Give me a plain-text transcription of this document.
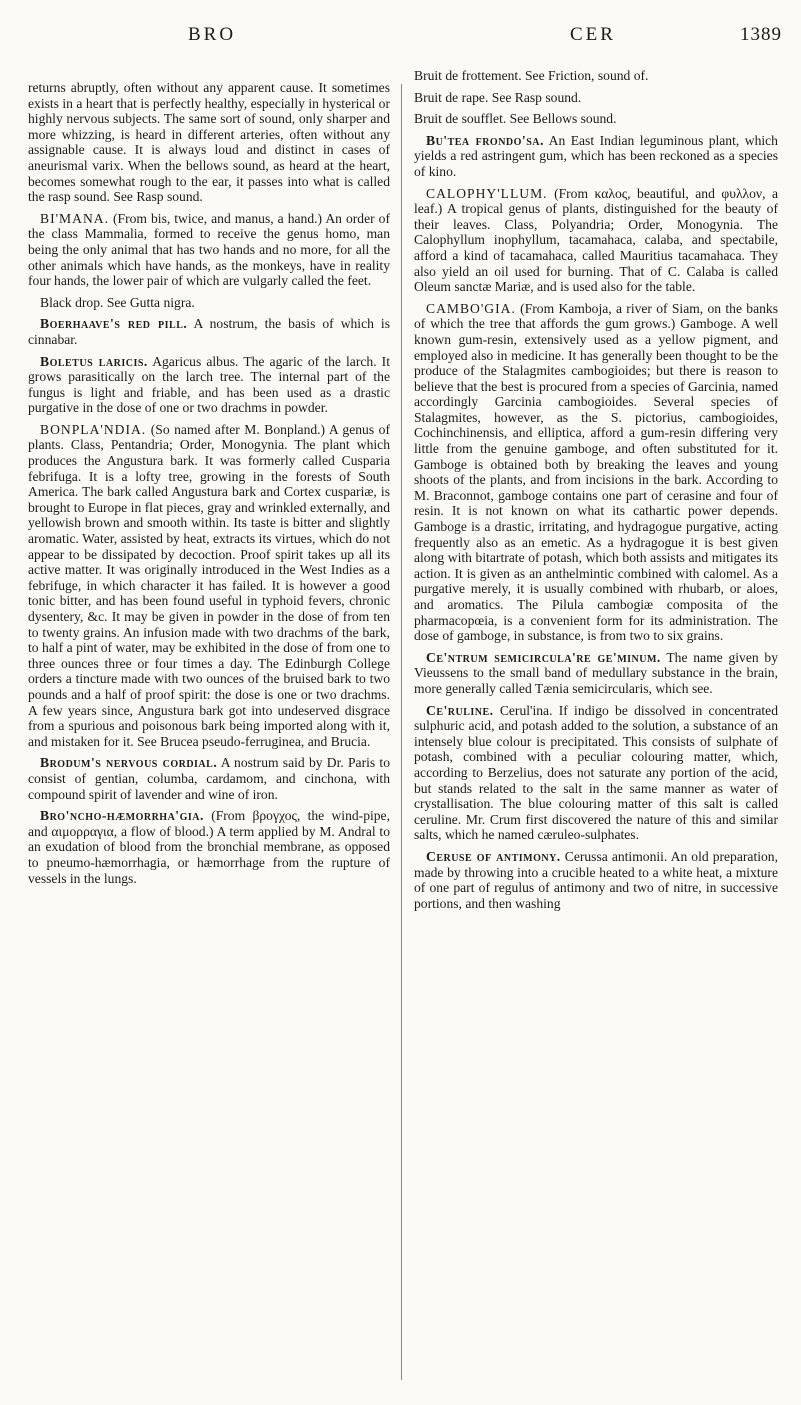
BRO	CER	1389

returns abruptly, often without any apparent cause. It sometimes exists in a heart that is perfectly healthy, especially in hysterical or highly nervous subjects. The same sort of sound, only sharper and more whizzing, is heard in different arteries, often without any assignable cause. It is always loud and distinct in cases of aneurismal varix. When the bellows sound, as heard at the heart, becomes somewhat rough to the ear, it passes into what is called the rasp sound. See Rasp sound.

BI'MANA. (From bis, twice, and manus, a hand.) An order of the class Mammalia, formed to receive the genus homo, man being the only animal that has two hands and no more, for all the other animals which have hands, as the monkeys, have in reality four hands, the lower pair of which are vulgarly called the feet.

Black drop. See Gutta nigra.

Boerhaave's red pill. A nostrum, the basis of which is cinnabar.

Boletus laricis. Agaricus albus. The agaric of the larch. It grows parasitically on the larch tree. The internal part of the fungus is light and friable, and has been used as a drastic purgative in the dose of one or two drachms in powder.

BONPLA'NDIA. (So named after M. Bonpland.) A genus of plants. Class, Pentandria; Order, Monogynia. The plant which produces the Angustura bark. It was formerly called Cusparia febrifuga. It is a lofty tree, growing in the forests of South America. The bark called Angustura bark and Cortex cuspariæ, is brought to Europe in flat pieces, gray and wrinkled externally, and yellowish brown and smooth within. Its taste is bitter and slightly aromatic. Water, assisted by heat, extracts its virtues, which do not appear to be dissipated by decoction. Proof spirit takes up all its active matter. It was originally introduced in the West Indies as a febrifuge, in which character it has failed. It is however a good tonic bitter, and has been found useful in typhoid fevers, chronic dysentery, &c. It may be given in powder in the dose of from ten to twenty grains. An infusion made with two drachms of the bark, to half a pint of water, may be exhibited in the dose of from one to three ounces three or four times a day. The Edinburgh College orders a tincture made with two ounces of the bruised bark to two pounds and a half of proof spirit: the dose is one or two drachms. A few years since, Angustura bark got into undeserved disgrace from a spurious and poisonous bark being imported along with it, and mistaken for it. See Brucea pseudo-ferruginea, and Brucia.

Brodum's nervous cordial. A nostrum said by Dr. Paris to consist of gentian, columba, cardamom, and cinchona, with compound spirit of lavender and wine of iron.

Bro'ncho-hæmorrha'gia. (From βρογχος, the wind-pipe, and αιμορραγια, a flow of blood.) A term applied by M. Andral to an exudation of blood from the bronchial membrane, as opposed to pneumo-hæmorrhagia, or hæmorrhage from the rupture of vessels in the lungs.

Bruit de frottement. See Friction, sound of.

Bruit de rape. See Rasp sound.

Bruit de soufflet. See Bellows sound.

Bu'tea frondo'sa. An East Indian leguminous plant, which yields a red astringent gum, which has been reckoned as a species of kino.

CALOPHY'LLUM. (From καλος, beautiful, and φυλλον, a leaf.) A tropical genus of plants, distinguished for the beauty of their leaves. Class, Polyandria; Order, Monogynia. The Calophyllum inophyllum, tacamahaca, calaba, and spectabile, afford a kind of tacamahaca, called Mauritius tacamahaca. They also yield an oil used for burning. That of C. Calaba is called Oleum sanctæ Mariæ, and is used also for the table.

CAMBO'GIA. (From Kamboja, a river of Siam, on the banks of which the tree that affords the gum grows.) Gamboge. A well known gum-resin, extensively used as a yellow pigment, and employed also in medicine. It has generally been thought to be the produce of the Stalagmites cambogioides; but there is reason to believe that the best is procured from a species of Garcinia, named accordingly Garcinia cambogioides. Several species of Stalagmites, however, as the S. pictorius, cambogioides, Cochinchinensis, and elliptica, afford a gum-resin differing very little from the genuine gamboge, and often substituted for it. Gamboge is obtained both by breaking the leaves and young shoots of the plants, and from incisions in the bark. According to M. Braconnot, gamboge contains one part of cerasine and four of resin. It is not known on what its cathartic power depends. Gamboge is a drastic, irritating, and hydragogue purgative, acting frequently also as an emetic. As a hydragogue it is best given along with bitartrate of potash, which both assists and mitigates its action. It is given as an anthelmintic combined with calomel. As a purgative merely, it is usually combined with rhubarb, or aloes, and aromatics. The Pilula cambogiæ composita of the pharmacopœia, is a convenient form for its administration. The dose of gamboge, in substance, is from two to six grains.

Ce'ntrum semicircula're ge'minum. The name given by Vieussens to the small band of medullary substance in the brain, more generally called Tænia semicircularis, which see.

Ce'ruline. Cerul'ina. If indigo be dissolved in concentrated sulphuric acid, and potash added to the solution, a substance of an intensely blue colour is precipitated. This consists of sulphate of potash, combined with a peculiar colouring matter, which, according to Berzelius, does not saturate any portion of the acid, but stands related to the salt in the same manner as water of crystallisation. The blue colouring matter of this salt is called ceruline. Mr. Crum first discovered the nature of this and similar salts, which he named cæruleo-sulphates.

Ceruse of antimony. Cerussa antimonii. An old preparation, made by throwing into a crucible heated to a white heat, a mixture of one part of regulus of antimony and two of nitre, in successive portions, and then washing
